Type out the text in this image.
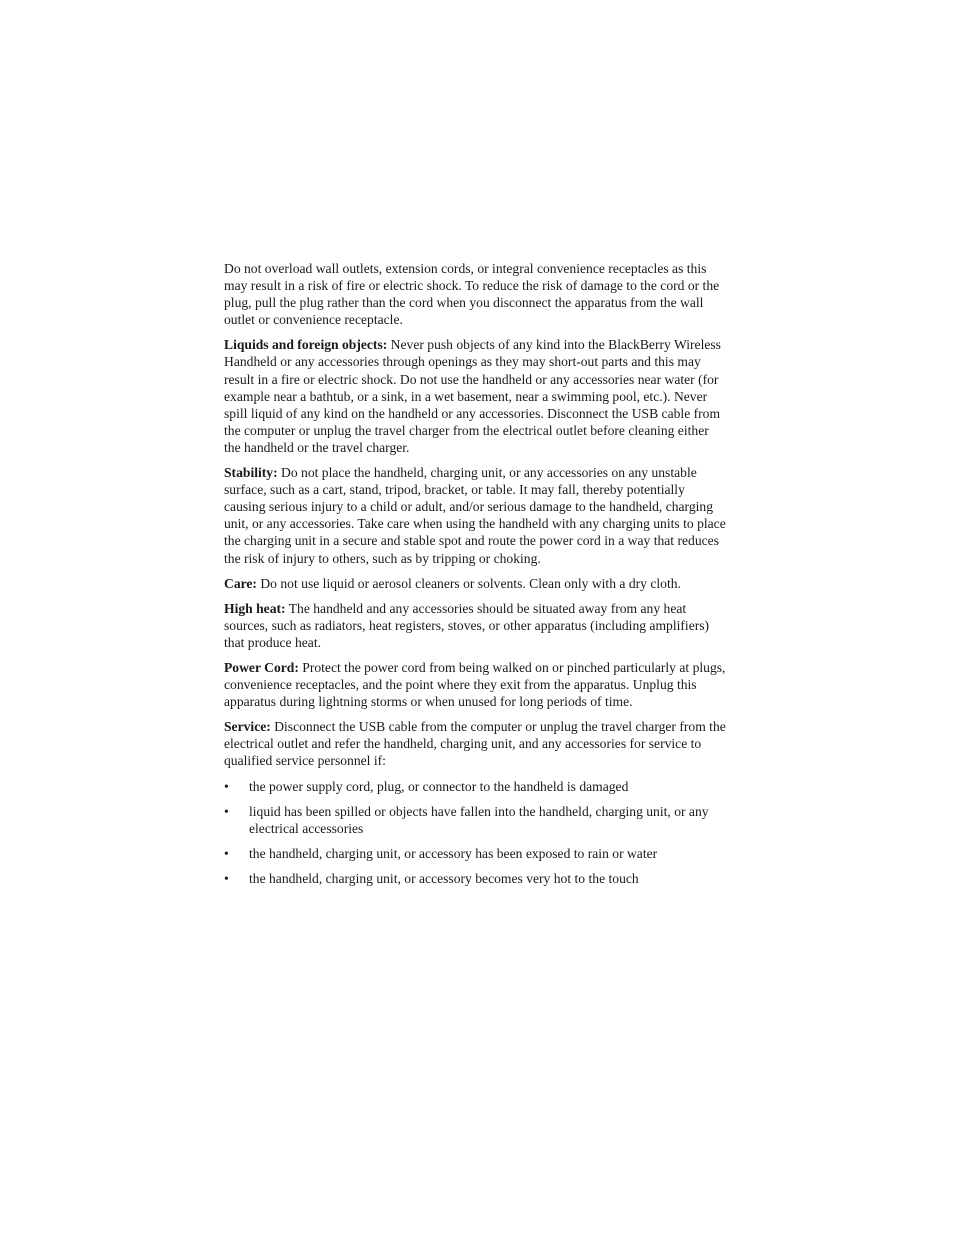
Do not overload wall outlets, extension cords, or integral convenience receptacles as this may result in a risk of fire or electric shock. To reduce the risk of damage to the cord or the plug, pull the plug rather than the cord when you disconnect the apparatus from the wall outlet or convenience receptacle.

Liquids and foreign objects: Never push objects of any kind into the BlackBerry Wireless Handheld or any accessories through openings as they may short-out parts and this may result in a fire or electric shock. Do not use the handheld or any accessories near water (for example near a bathtub, or a sink, in a wet basement, near a swimming pool, etc.). Never spill liquid of any kind on the handheld or any accessories. Disconnect the USB cable from the computer or unplug the travel charger from the electrical outlet before cleaning either the handheld or the travel charger.

Stability: Do not place the handheld, charging unit, or any accessories on any unstable surface, such as a cart, stand, tripod, bracket, or table. It may fall, thereby potentially causing serious injury to a child or adult, and/or serious damage to the handheld, charging unit, or any accessories. Take care when using the handheld with any charging units to place the charging unit in a secure and stable spot and route the power cord in a way that reduces the risk of injury to others, such as by tripping or choking.

Care: Do not use liquid or aerosol cleaners or solvents. Clean only with a dry cloth.

High heat: The handheld and any accessories should be situated away from any heat sources, such as radiators, heat registers, stoves, or other apparatus (including amplifiers) that produce heat.

Power Cord: Protect the power cord from being walked on or pinched particularly at plugs, convenience receptacles, and the point where they exit from the apparatus. Unplug this apparatus during lightning storms or when unused for long periods of time.

Service: Disconnect the USB cable from the computer or unplug the travel charger from the electrical outlet and refer the handheld, charging unit, and any accessories for service to qualified service personnel if:

• the power supply cord, plug, or connector to the handheld is damaged
• liquid has been spilled or objects have fallen into the handheld, charging unit, or any electrical accessories
• the handheld, charging unit, or accessory has been exposed to rain or water
• the handheld, charging unit, or accessory becomes very hot to the touch
